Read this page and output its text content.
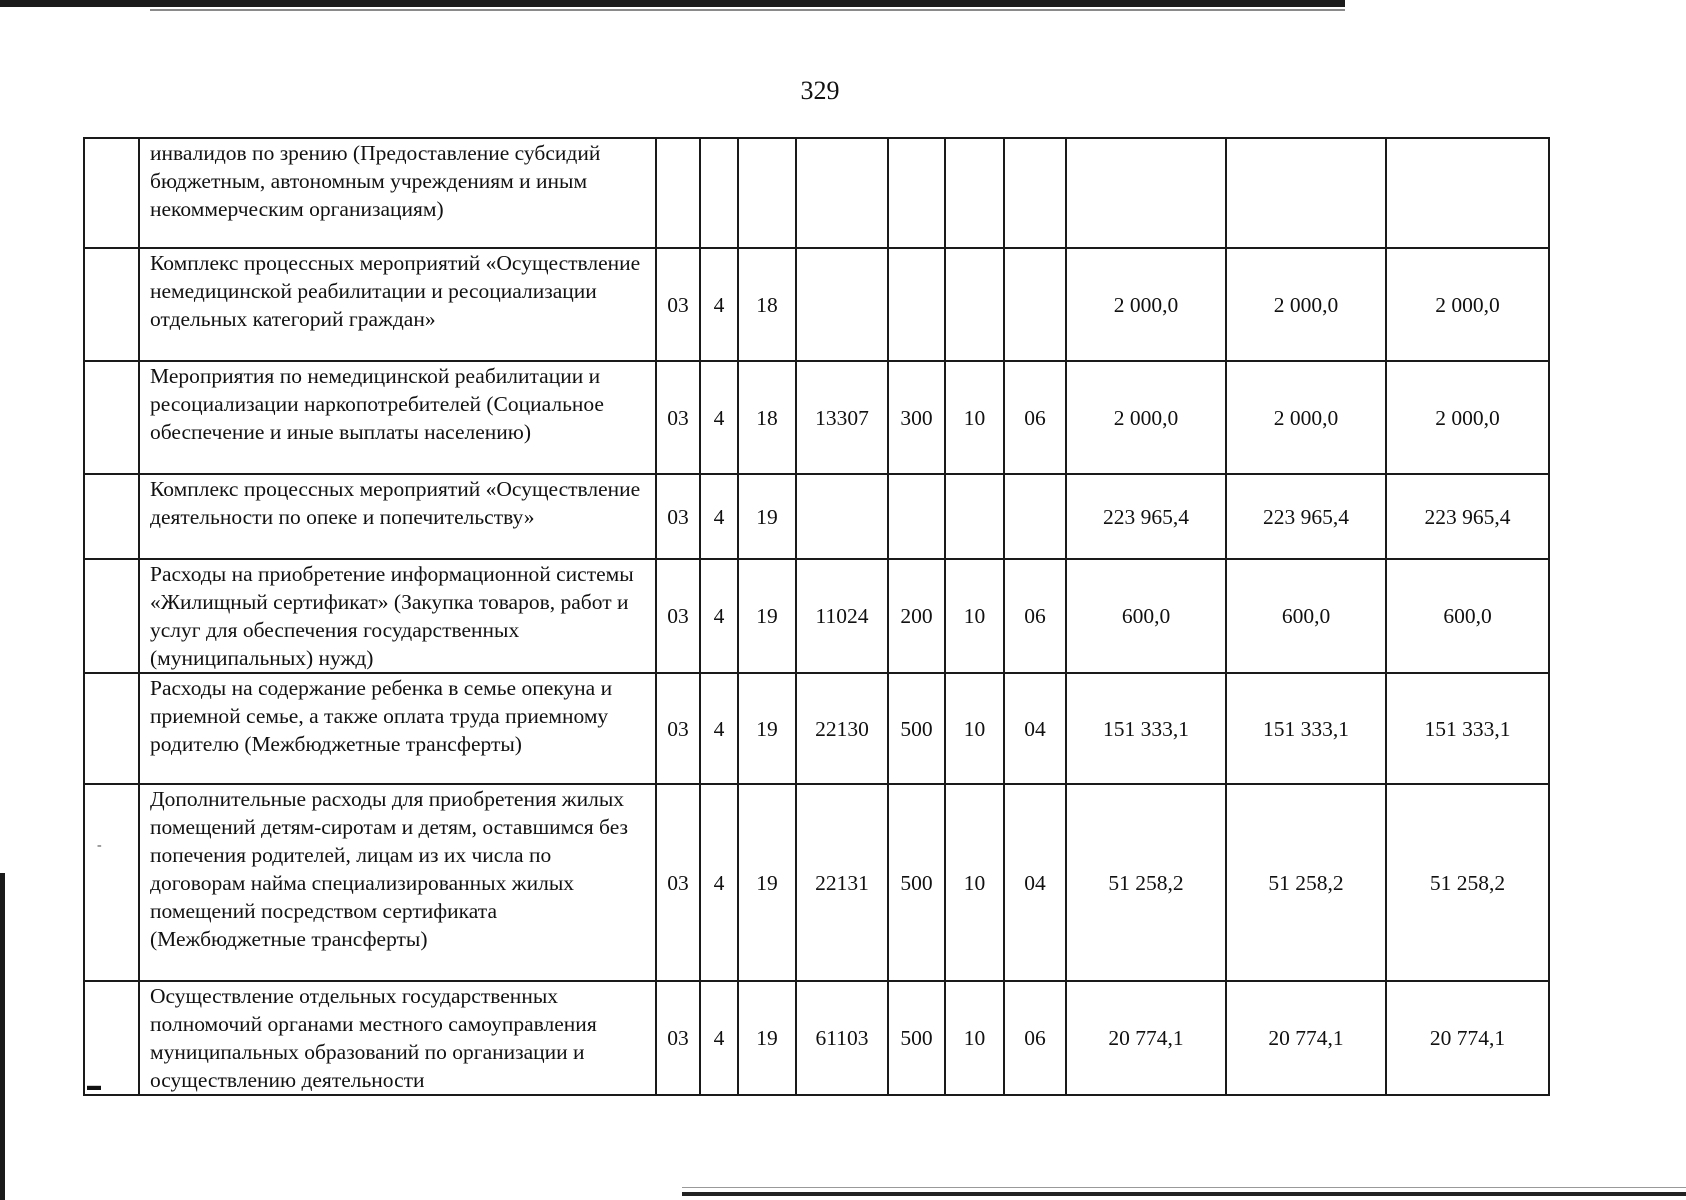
-
▬
329
	инвалидов по зрению (Предоставление субсидий бюджетным, автономным учреждениям и иным некоммерческим организациям)										
	Комплекс процессных мероприятий «Осуществление немедицинской реабилитации и ресоциализации отдельных категорий граждан»	03	4	18					2 000,0	2 000,0	2 000,0
	Мероприятия по немедицинской реабилитации и ресоциализации наркопотребителей (Социальное обеспечение и иные выплаты населению)	03	4	18	13307	300	10	06	2 000,0	2 000,0	2 000,0
	Комплекс процессных мероприятий «Осуществление деятельности по опеке и попечительству»	03	4	19					223 965,4	223 965,4	223 965,4
	Расходы на приобретение информационной системы «Жилищный сертификат» (Закупка товаров, работ и услуг для обеспечения государственных (муниципальных) нужд)	03	4	19	11024	200	10	06	600,0	600,0	600,0
	Расходы на содержание ребенка в семье опекуна и приемной семье, а также оплата труда приемному родителю (Межбюджетные трансферты)	03	4	19	22130	500	10	04	151 333,1	151 333,1	151 333,1
	Дополнительные расходы для приобретения жилых помещений детям-сиротам и детям, оставшимся без попечения родителей, лицам из их числа по договорам найма специализированных жилых помещений посредством сертификата (Межбюджетные трансферты)	03	4	19	22131	500	10	04	51 258,2	51 258,2	51 258,2
	Осуществление отдельных государственных полномочий органами местного самоуправления муниципальных образований по организации и осуществлению деятельности	03	4	19	61103	500	10	06	20 774,1	20 774,1	20 774,1
